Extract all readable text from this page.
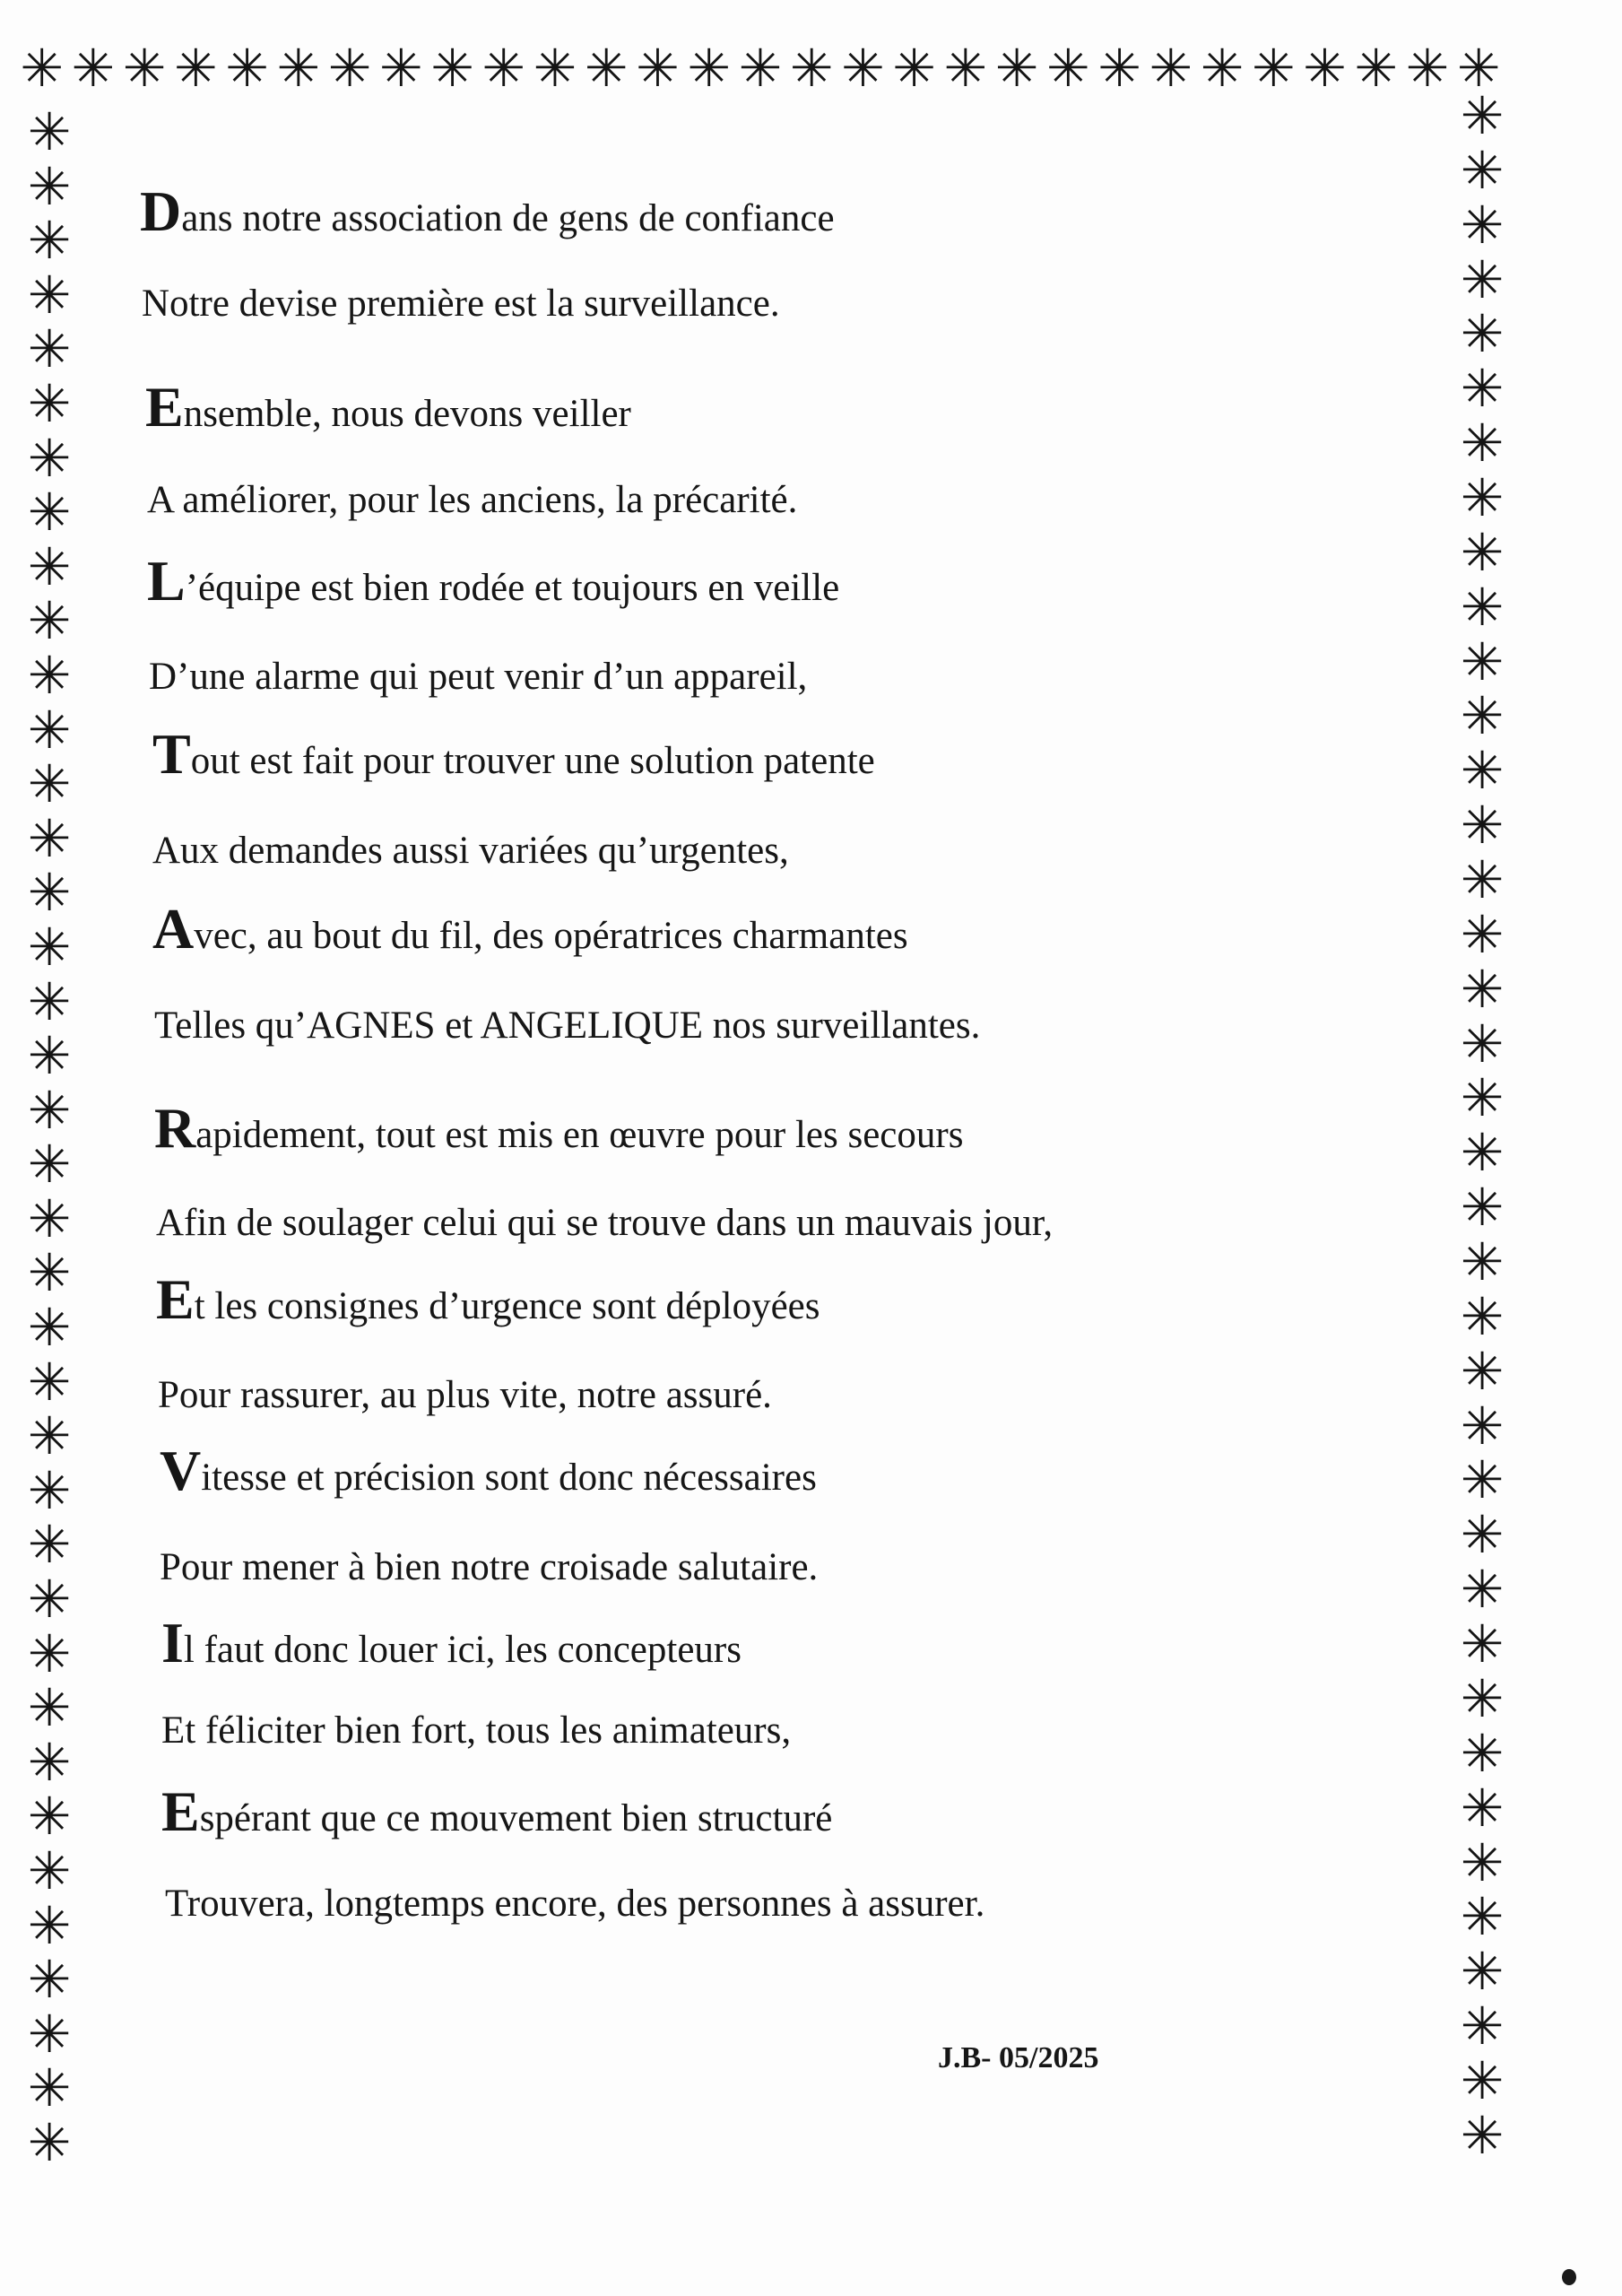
✳ ✳ ✳ ✳ ✳ ✳ ✳ ✳ ✳ ✳ ✳ ✳ ✳ ✳ ✳ ✳ ✳ ✳ ✳ ✳ ✳ ✳ ✳ ✳ ✳ ✳ ✳ ✳ ✳
✳
✳
✳
✳
✳
✳
✳
✳
✳
✳
✳
✳
✳
✳
✳
✳
✳
✳
✳
✳
✳
✳
✳
✳
✳
✳
✳
✳
✳
✳
✳
✳
✳
✳
✳
✳
✳
✳
✳
✳
✳
✳
✳
✳
✳
✳
✳
✳
✳
✳
✳
✳
✳
✳
✳
✳
✳
✳
✳
✳
✳
✳
✳
✳
✳
✳
✳
✳
✳
✳
✳
✳
✳
✳
✳
✳
Dans notre association de gens de confiance
Notre devise première est la surveillance.
Ensemble, nous devons veiller
A améliorer, pour les anciens, la précarité.
L’équipe est bien rodée et toujours en veille
D’une alarme qui peut venir d’un appareil,
Tout est fait pour trouver une solution patente
Aux demandes aussi variées qu’urgentes,
Avec, au bout du fil, des opératrices charmantes
Telles qu’AGNES et ANGELIQUE nos surveillantes.
Rapidement, tout est mis en œuvre pour les secours
Afin de soulager celui qui se trouve dans un mauvais jour,
Et les consignes d’urgence sont déployées
Pour rassurer, au plus vite, notre assuré.
Vitesse et précision sont donc nécessaires
Pour mener à bien notre croisade salutaire.
Il faut donc louer ici, les concepteurs
Et féliciter bien fort, tous les animateurs,
Espérant que ce mouvement bien structuré
Trouvera, longtemps encore, des personnes à assurer.
J.B- 05/2025
